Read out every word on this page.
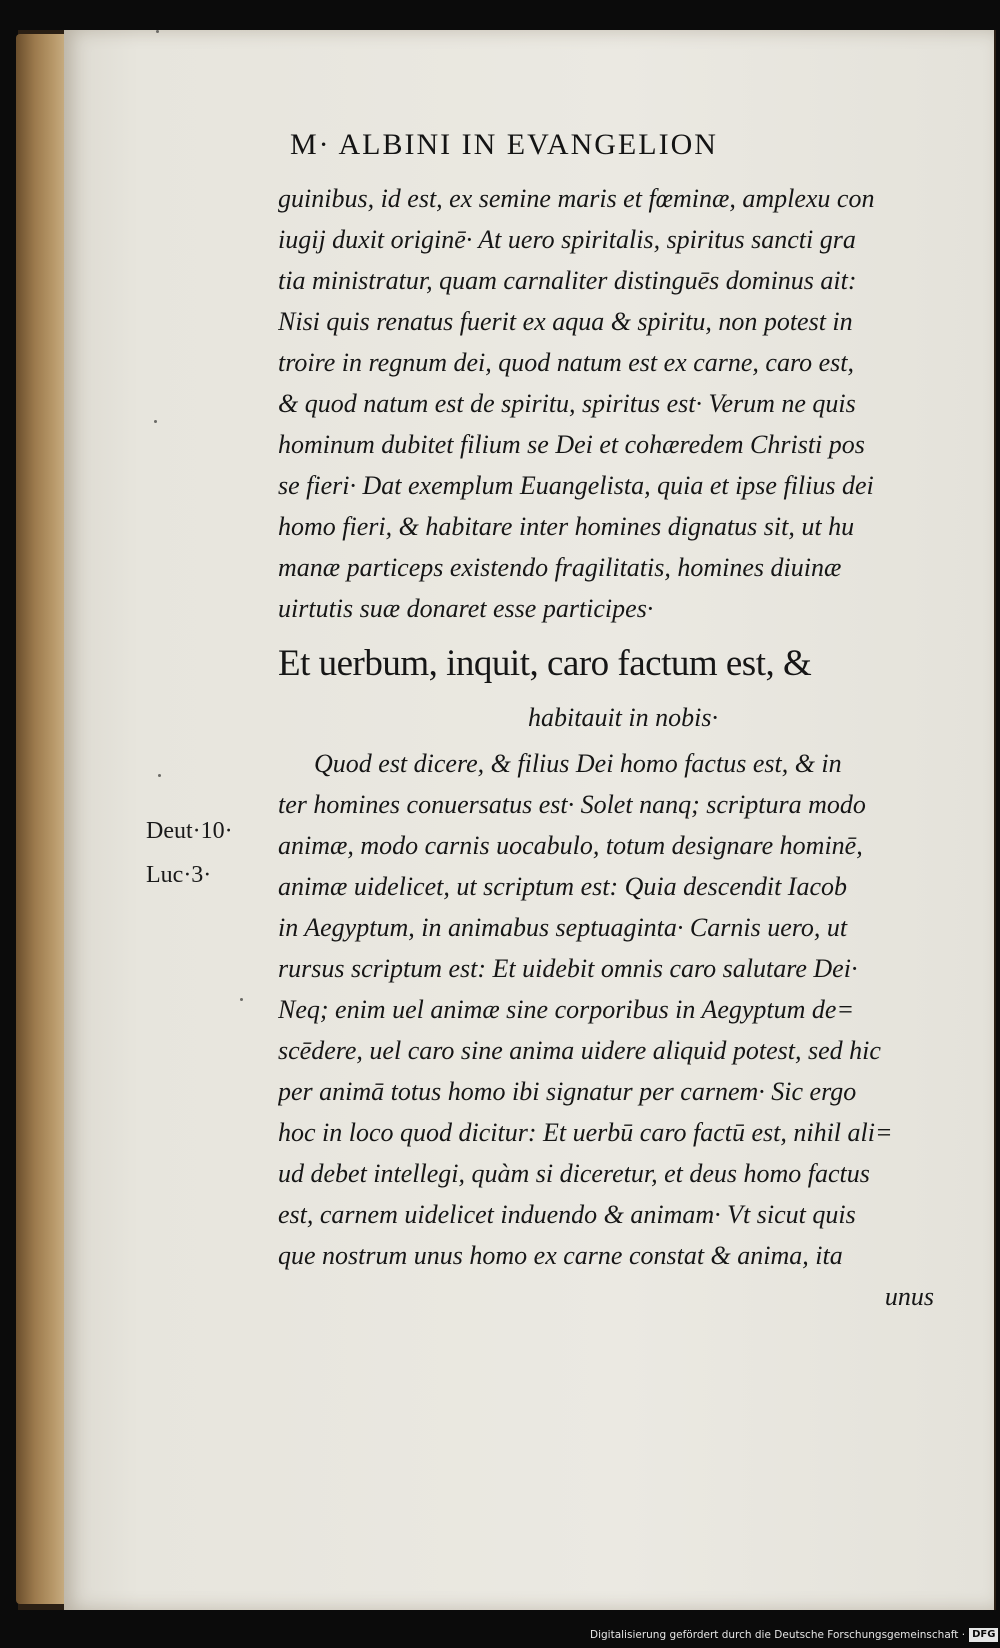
M· ALBINI IN EVANGELION
Deut·10·
Luc·3·
guinibus, id est, ex semine maris et fœminæ, amplexu con
iugij duxit originē· At uero spiritalis, spiritus sancti gra
tia ministratur, quam carnaliter distinguēs dominus ait:
Nisi quis renatus fuerit ex aqua & spiritu, non potest in
troire in regnum dei, quod natum est ex carne, caro est,
& quod natum est de spiritu, spiritus est· Verum ne quis
hominum dubitet filium se Dei et cohæredem Christi pos
se fieri· Dat exemplum Euangelista, quia et ipse filius dei
homo fieri, & habitare inter homines dignatus sit, ut hu
manæ particeps existendo fragilitatis, homines diuinæ
uirtutis suæ donaret esse participes·
Et uerbum, inquit, caro factum est, &
habitauit in nobis·
Quod est dicere, & filius Dei homo factus est, & in
ter homines conuersatus est· Solet nanq; scriptura modo
animæ, modo carnis uocabulo, totum designare hominē,
animæ uidelicet, ut scriptum est: Quia descendit Iacob
in Aegyptum, in animabus septuaginta· Carnis uero, ut
rursus scriptum est: Et uidebit omnis caro salutare Dei·
Neq; enim uel animæ sine corporibus in Aegyptum de=
scēdere, uel caro sine anima uidere aliquid potest, sed hic
per animā totus homo ibi signatur per carnem· Sic ergo
hoc in loco quod dicitur: Et uerbū caro factū est, nihil ali=
ud debet intellegi, quàm si diceretur, et deus homo factus
est, carnem uidelicet induendo & animam· Vt sicut quis
que nostrum unus homo ex carne constat & anima, ita
unus
Digitalisierung gefördert durch die Deutsche Forschungsgemeinschaft · DFG
